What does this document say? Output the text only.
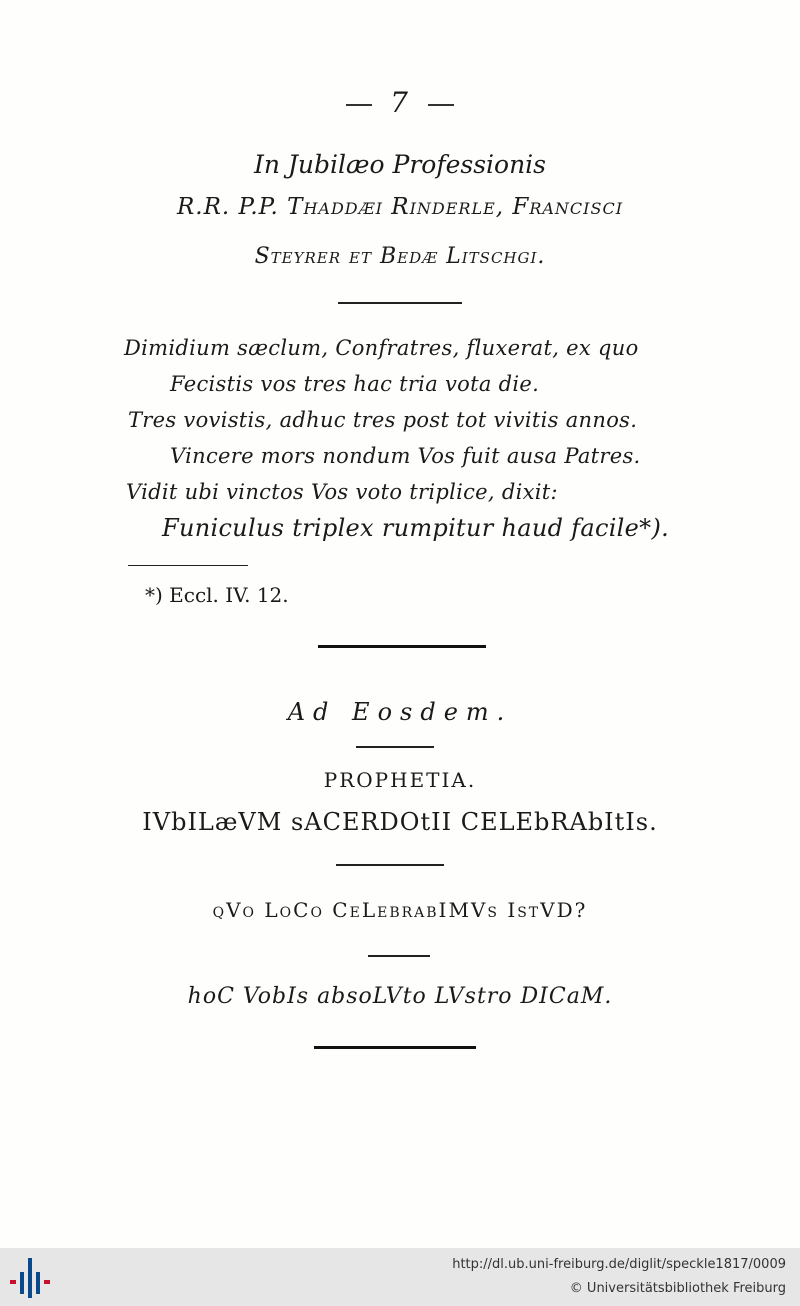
7
In Jubilæo Professionis
R.R. P.P. Thaddæi Rinderle, Francisci
Steyrer et Bedæ Litschgi.
Dimidium sæclum, Confratres, fluxerat, ex quo
Fecistis vos tres hac tria vota die.
Tres vovistis, adhuc tres post tot vivitis annos.
Vincere mors nondum Vos fuit ausa Patres.
Vidit ubi vinctos Vos voto triplice, dixit:
Funiculus triplex rumpitur haud facile*).
*) Eccl. IV. 12.
Ad Eosdem.
PROPHETIA.
IVbILæVM sACERDOtII CELEbRAbItIs.
qVo LoCo CeLebrabIMVs IstVD?
hoC VobIs absoLVto LVstro DICaM.
http://dl.ub.uni-freiburg.de/diglit/speckle1817/0009
© Universitätsbibliothek Freiburg
